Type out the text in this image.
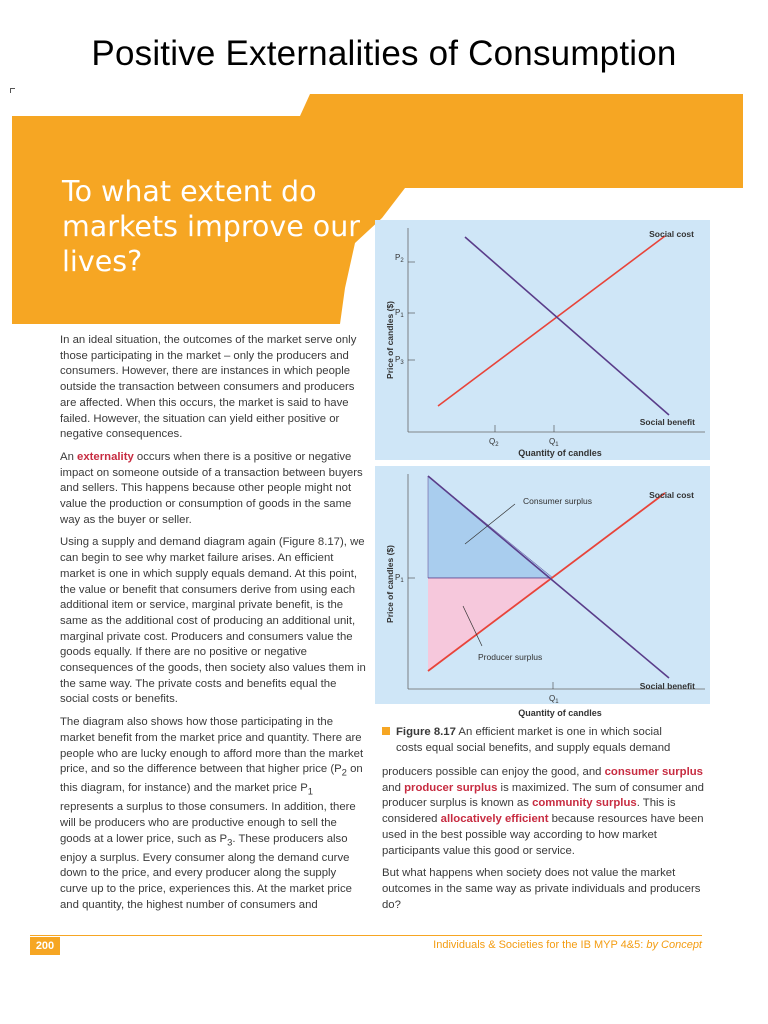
Positive Externalities of Consumption
To what extent do markets improve our lives?

In an ideal situation, the outcomes of the market serve only those participating in the market – only the producers and consumers. However, there are instances in which people outside the transaction between consumers and producers are affected. When this occurs, the market is said to have failed. However, the situation can yield either positive or negative consequences.

An externality occurs when there is a positive or negative impact on someone outside of a transaction between buyers and sellers. This happens because other people might not value the production or consumption of goods in the same way as the buyer or seller.

Using a supply and demand diagram again (Figure 8.17), we can begin to see why market failure arises. An efficient market is one in which supply equals demand. At this point, the value or benefit that consumers derive from using each additional item or service, marginal private benefit, is the same as the additional cost of producing an additional unit, marginal private cost. Producers and consumers value the goods equally. If there are no positive or negative consequences of the goods, then society also values them in the same way. The private costs and benefits equal the social costs or benefits.

The diagram also shows how those participating in the market benefit from the market price and quantity. There are people who are lucky enough to afford more than the market price, and so the difference between that higher price ($P_2$ on this diagram, for instance) and the market price $P_1$ represents a surplus to those consumers. In addition, there will be producers who are productive enough to sell the goods at a lower price, such as $P_3$. These producers also enjoy a surplus. Every consumer along the demand curve down to the price, and every producer along the supply curve up to the price, experiences this. At the market price and quantity, the highest number of consumers and

Price of candles ($)
$P_2$
$P_1$
$P_3$
$Q_2$	$Q_1$
Quantity of candles
Social cost
Social benefit
Price of candles ($) $P_1$
$Q_1$
Quantity of candles
Consumer surplus
Producer surplus
Social cost
Social benefit
Figure 8.17 An efficient market is one in which social
costs equal social benefits, and supply equals demand

producers possible can enjoy the good, and consumer surplus and producer surplus is maximized. The sum of consumer and producer surplus is known as community surplus. This is considered allocatively efficient because resources have been used in the best possible way according to how market participants value this good or service.

But what happens when society does not value the market outcomes in the same way as private individuals and producers do?

200	Individuals & Societies for the IB MYP 4&5: by Concept
